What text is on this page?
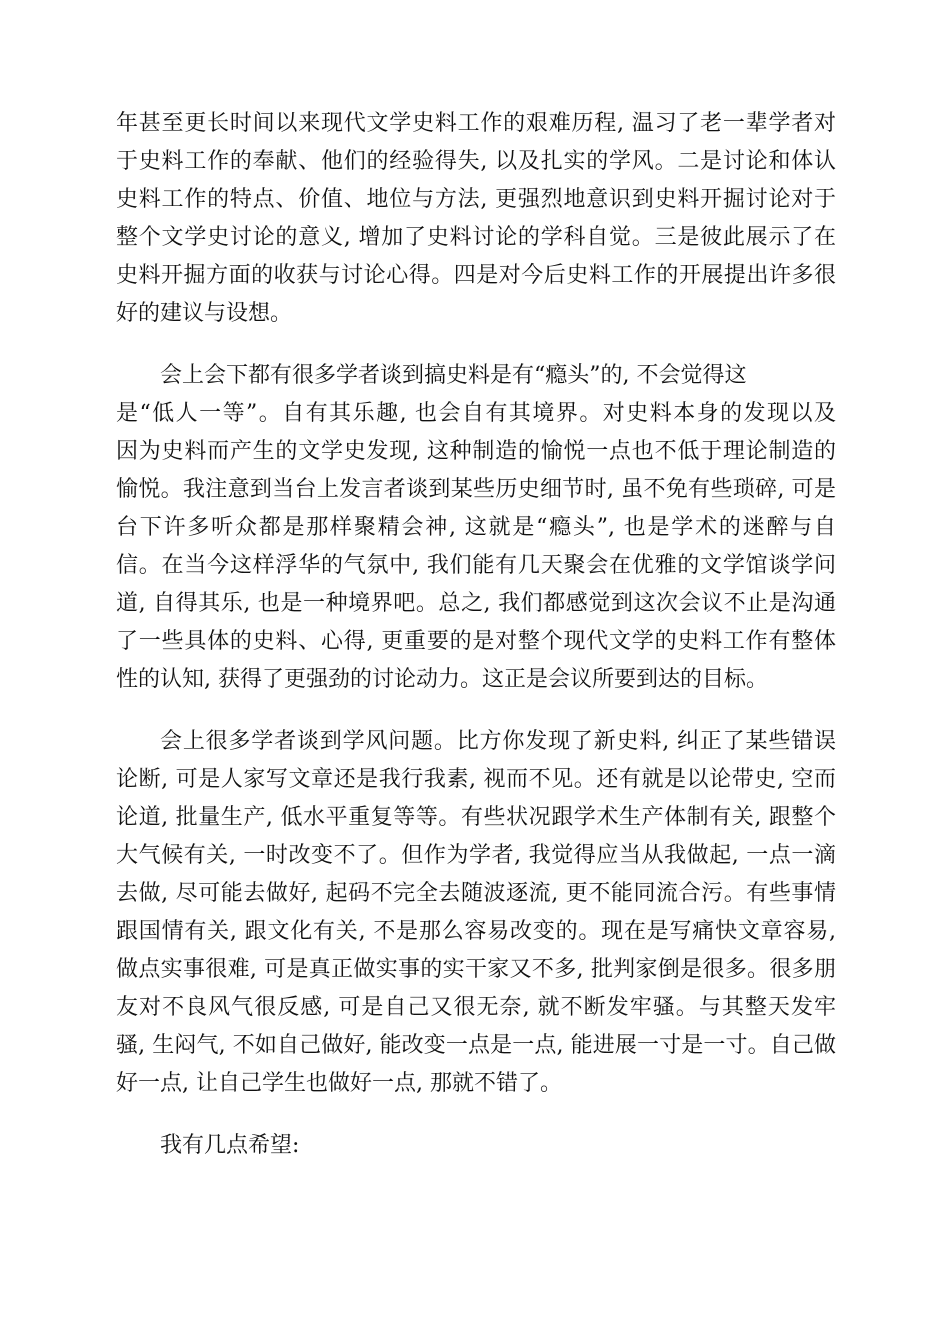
年甚至更长时间以来现代文学史料工作的艰难历程, 温习了老一辈学者对
于史料工作的奉献、他们的经验得失, 以及扎实的学风。二是讨论和体认
史料工作的特点、价值、地位与方法, 更强烈地意识到史料开掘讨论对于
整个文学史讨论的意义, 增加了史料讨论的学科自觉。三是彼此展示了在
史料开掘方面的收获与讨论心得。四是对今后史料工作的开展提出许多很
好的建议与设想。
会上会下都有很多学者谈到搞史料是有“瘾头”的, 不会觉得这
是“低人一等”。自有其乐趣, 也会自有其境界。对史料本身的发现以及
因为史料而产生的文学史发现, 这种制造的愉悦一点也不低于理论制造的
愉悦。我注意到当台上发言者谈到某些历史细节时, 虽不免有些琐碎, 可是
台下许多听众都是那样聚精会神, 这就是“瘾头”, 也是学术的迷醉与自
信。在当今这样浮华的气氛中, 我们能有几天聚会在优雅的文学馆谈学问
道, 自得其乐, 也是一种境界吧。总之, 我们都感觉到这次会议不止是沟通
了一些具体的史料、心得, 更重要的是对整个现代文学的史料工作有整体
性的认知, 获得了更强劲的讨论动力。这正是会议所要到达的目标。
会上很多学者谈到学风问题。比方你发现了新史料, 纠正了某些错误
论断, 可是人家写文章还是我行我素, 视而不见。还有就是以论带史, 空而
论道, 批量生产, 低水平重复等等。有些状况跟学术生产体制有关, 跟整个
大气候有关, 一时改变不了。但作为学者, 我觉得应当从我做起, 一点一滴
去做, 尽可能去做好, 起码不完全去随波逐流, 更不能同流合污。有些事情
跟国情有关, 跟文化有关, 不是那么容易改变的。现在是写痛快文章容易,
做点实事很难, 可是真正做实事的实干家又不多, 批判家倒是很多。很多朋
友对不良风气很反感, 可是自己又很无奈, 就不断发牢骚。与其整天发牢
骚, 生闷气, 不如自己做好, 能改变一点是一点, 能进展一寸是一寸。自己做
好一点, 让自己学生也做好一点, 那就不错了。
我有几点希望:
